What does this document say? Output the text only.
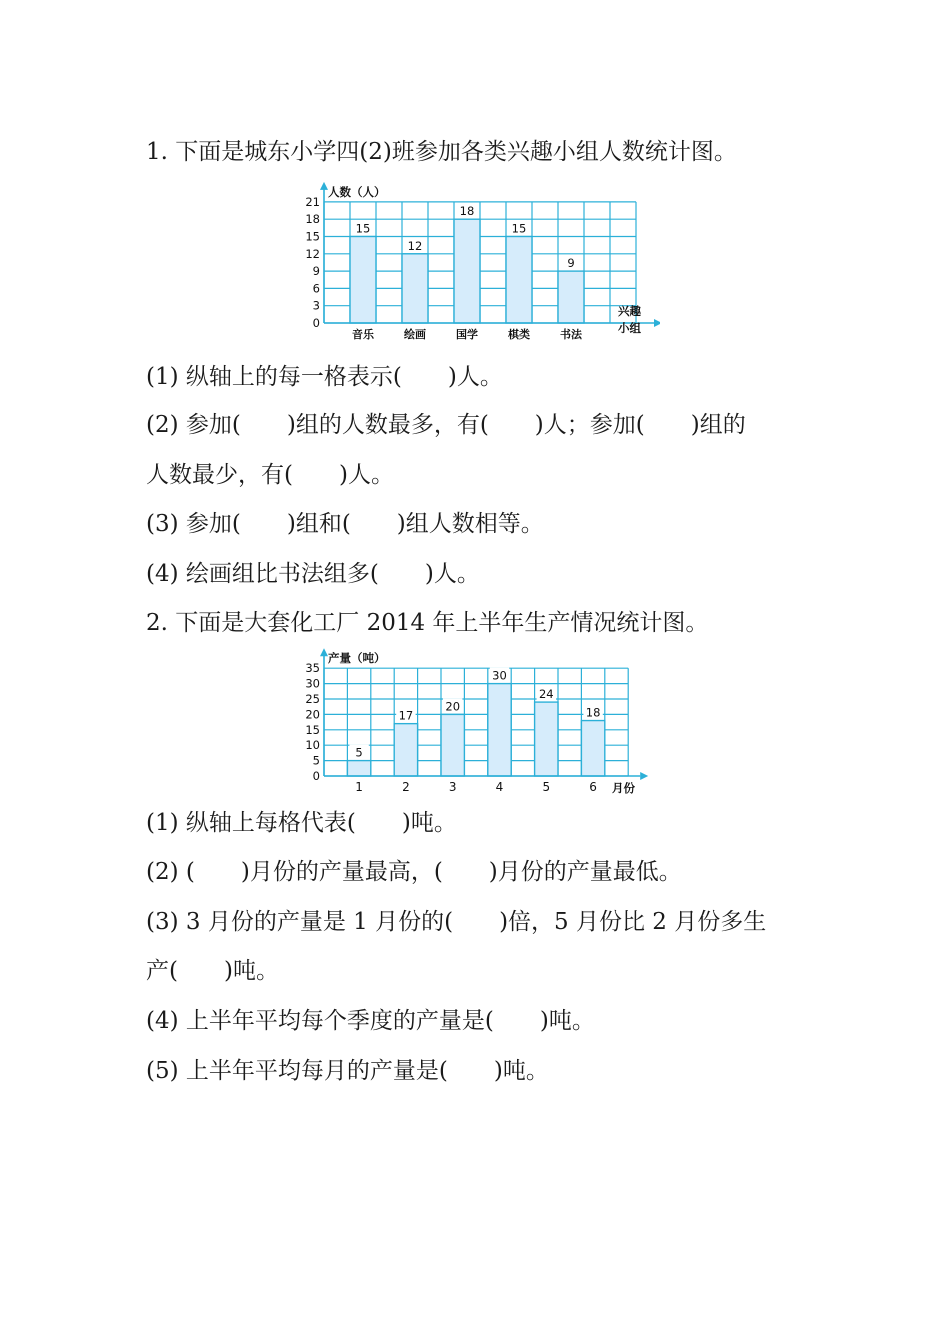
1. 下面是城东小学四(2)班参加各类兴趣小组人数统计图。
15
音乐
12
绘画
18
国学
15
棋类
9
书法
0
3
6
9
12
15
18
21
人数（人）
兴趣
小组
(1) 纵轴上的每一格表示(　　)人。
(2) 参加(　　)组的人数最多，有(　　)人；参加(　　)组的
人数最少，有(　　)人。
(3) 参加(　　)组和(　　)组人数相等。
(4) 绘画组比书法组多(　　)人。
2. 下面是大套化工厂 2014 年上半年生产情况统计图。
5
1
17
2
20
3
30
4
24
5
18
6
0
5
10
15
20
25
30
35
产量（吨）
月份
(1) 纵轴上每格代表(　　)吨。
(2) (　　)月份的产量最高，(　　)月份的产量最低。
(3) 3 月份的产量是 1 月份的(　　)倍，5 月份比 2 月份多生
产(　　)吨。
(4) 上半年平均每个季度的产量是(　　)吨。
(5) 上半年平均每月的产量是(　　)吨。
